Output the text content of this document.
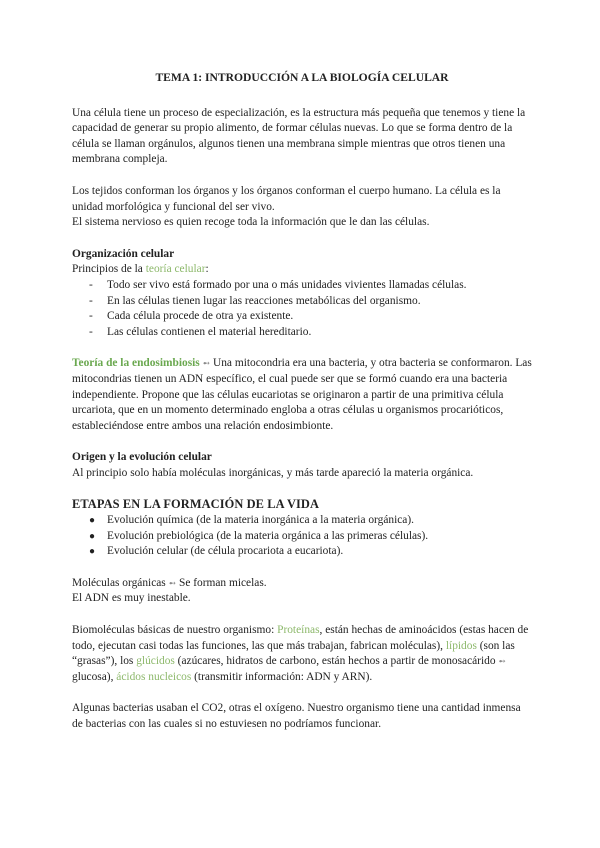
TEMA 1: INTRODUCCIÓN A LA BIOLOGÍA CELULAR

Una célula tiene un proceso de especialización, es la estructura más pequeña que tenemos y tiene la capacidad de generar su propio alimento, de formar células nuevas. Lo que se forma dentro de la célula se llaman orgánulos, algunos tienen una membrana simple mientras que otros tienen una membrana compleja.

Los tejidos conforman los órganos y los órganos conforman el cuerpo humano. La célula es la unidad morfológica y funcional del ser vivo.
El sistema nervioso es quien recoge toda la información que le dan las células.

Organización celular

Principios de la teoría celular:

- Todo ser vivo está formado por una o más unidades vivientes llamadas células.
- En las células tienen lugar las reacciones metabólicas del organismo.
- Cada célula procede de otra ya existente.
- Las células contienen el material hereditario.

Teoría de la endosimbiosis ➻ Una mitocondria era una bacteria, y otra bacteria se conformaron. Las mitocondrias tienen un ADN específico, el cual puede ser que se formó cuando era una bacteria independiente. Propone que las células eucariotas se originaron a partir de una primitiva célula urcariota, que en un momento determinado engloba a otras células u organismos procarióticos, estableciéndose entre ambos una relación endosimbionte.

Origen y la evolución celular

Al principio solo había moléculas inorgánicas, y más tarde apareció la materia orgánica.

ETAPAS EN LA FORMACIÓN DE LA VIDA

● Evolución química (de la materia inorgánica a la materia orgánica).
● Evolución prebiológica (de la materia orgánica a las primeras células).
● Evolución celular (de célula procariota a eucariota).

Moléculas orgánicas ➻ Se forman micelas.
El ADN es muy inestable.

Biomoléculas básicas de nuestro organismo: Proteínas, están hechas de aminoácidos (estas hacen de todo, ejecutan casi todas las funciones, las que más trabajan, fabrican moléculas), lípidos (son las “grasas”), los glúcidos (azúcares, hidratos de carbono, están hechos a partir de monosacárido ➻ glucosa), ácidos nucleicos (transmitir información: ADN y ARN).

Algunas bacterias usaban el CO2, otras el oxígeno. Nuestro organismo tiene una cantidad inmensa de bacterias con las cuales si no estuviesen no podríamos funcionar.
